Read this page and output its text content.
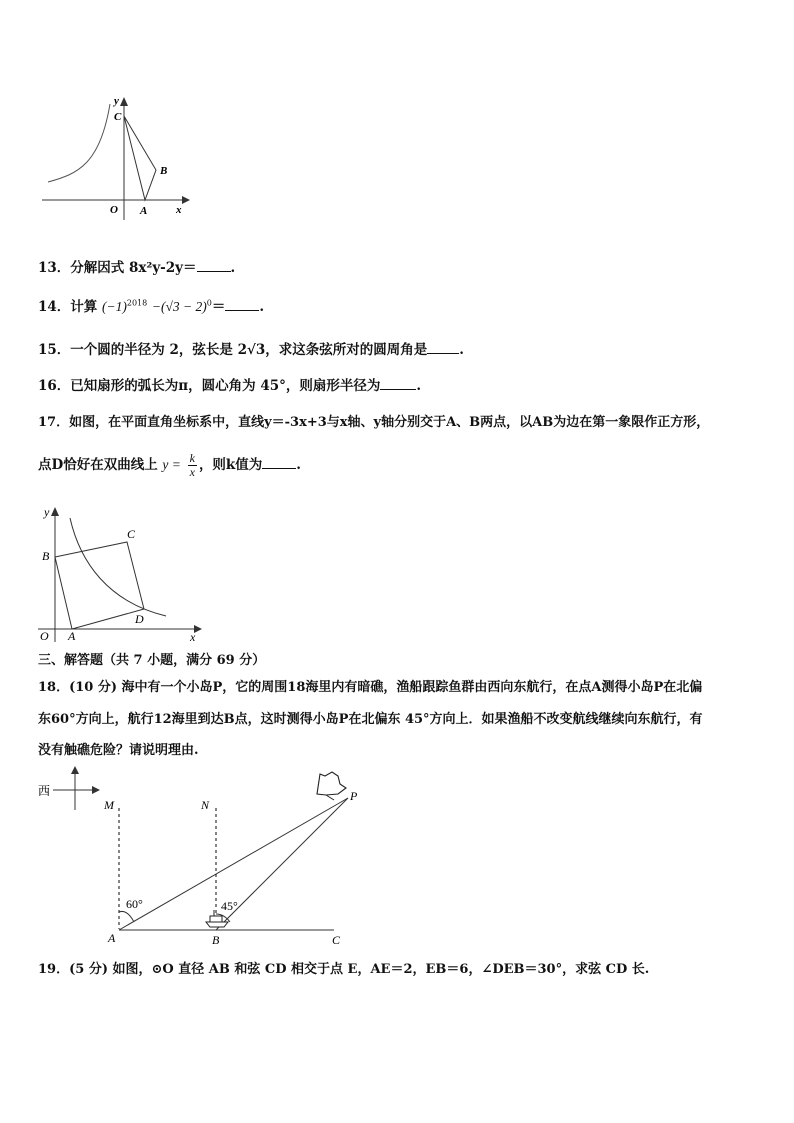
y
C
B
O A	x
13．分解因式 8x²y-2y＝	.
14．计算 $(-1)^{2018} -(√3 - 2)^0=$	.
15．一个圆的半径为 2，弦长是 2√3，求这条弦所对的圆周角是 .
16．已知扇形的弧长为π，圆心角为 45°，则扇形半径为	.
17．如图，在平面直角坐标系中，直线y＝-3x+3与x轴、y轴分别交于A、B两点，以AB为边在第一象限作正方形，
点D恰好在双曲线上 $y = \frac{k}{x}$ ，则k值为	.
y
B
C
D
O A	x
三、解答题（共 7 小题，满分 69 分）
18．(10 分) 海中有一个小岛P，它的周围18海里内有暗礁，渔船跟踪鱼群由西向东航行，在点A测得小岛P在北偏
东60°方向上，航行12海里到达B点，这时测得小岛P在北偏东 45°方向上．如果渔船不改变航线继续向东航行，有
没有触礁危险？请说明理由.
西
M	N
P
60°	45°
A	B	C
19．(5 分) 如图，⊙O 直径 AB 和弦 CD 相交于点 E，AE＝2，EB＝6，∠DEB＝30°，求弦 CD 长.
